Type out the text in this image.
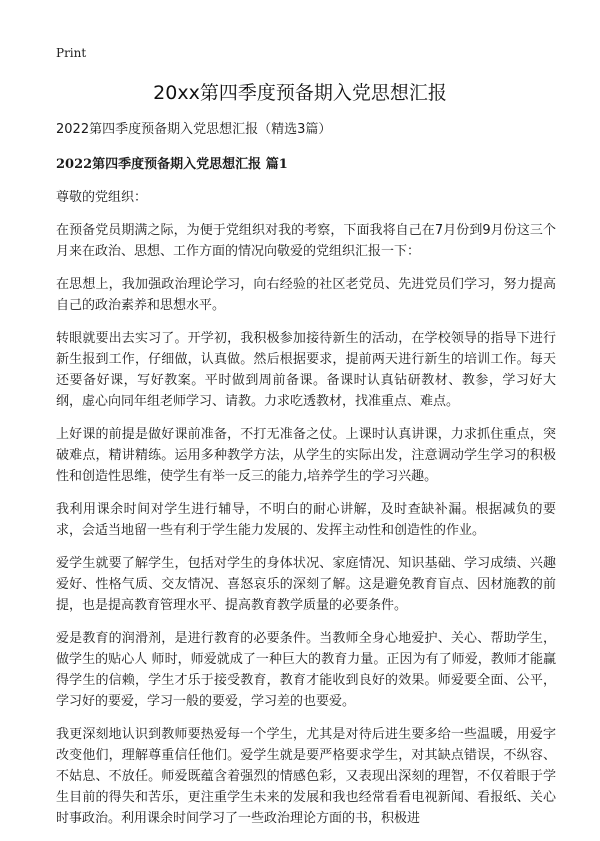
Print
20xx第四季度预备期入党思想汇报

2022第四季度预备期入党思想汇报（精选3篇）

2022第四季度预备期入党思想汇报 篇1

尊敬的党组织：

在预备党员期满之际，为便于党组织对我的考察，下面我将自己在7月份到9月份这三个月来在政治、思想、工作方面的情况向敬爱的党组织汇报一下：

在思想上，我加强政治理论学习，向右经验的社区老党员、先进党员们学习，努力提高自己的政治素养和思想水平。

转眼就要出去实习了。开学初，我积极参加接待新生的活动，在学校领导的指导下进行新生报到工作，仔细做，认真做。然后根据要求，提前两天进行新生的培训工作。每天还要备好课，写好教案。平时做到周前备课。备课时认真钻研教材、教参，学习好大纲，虚心向同年组老师学习、请教。力求吃透教材，找准重点、难点。

上好课的前提是做好课前准备，不打无准备之仗。上课时认真讲课，力求抓住重点，突破难点，精讲精练。运用多种教学方法，从学生的实际出发，注意调动学生学习的积极性和创造性思维，使学生有举一反三的能力,培养学生的学习兴趣。

我利用课余时间对学生进行辅导，不明白的耐心讲解，及时查缺补漏。根据减负的要求，会适当地留一些有利于学生能力发展的、发挥主动性和创造性的作业。

爱学生就要了解学生，包括对学生的身体状况、家庭情况、知识基础、学习成绩、兴趣爱好、性格气质、交友情况、喜怒哀乐的深刻了解。这是避免教育盲点、因材施教的前提，也是提高教育管理水平、提高教育教学质量的必要条件。

爱是教育的润滑剂，是进行教育的必要条件。当教师全身心地爱护、关心、帮助学生，做学生的贴心人 师时，师爱就成了一种巨大的教育力量。正因为有了师爱，教师才能赢得学生的信赖，学生才乐于接受教育，教育才能收到良好的效果。师爱要全面、公平，学习好的要爱，学习一般的要爱，学习差的也要爱。

我更深刻地认识到教师要热爱每一个学生，尤其是对待后进生要多给一些温暖，用爱字改变他们，理解尊重信任他们。爱学生就是要严格要求学生，对其缺点错误，不纵容、不姑息、不放任。师爱既蕴含着强烈的情感色彩，又表现出深刻的理智，不仅着眼于学生目前的得失和苦乐，更注重学生未来的发展和我也经常看看电视新闻、看报纸、关心时事政治。利用课余时间学习了一些政治理论方面的书，积极进
